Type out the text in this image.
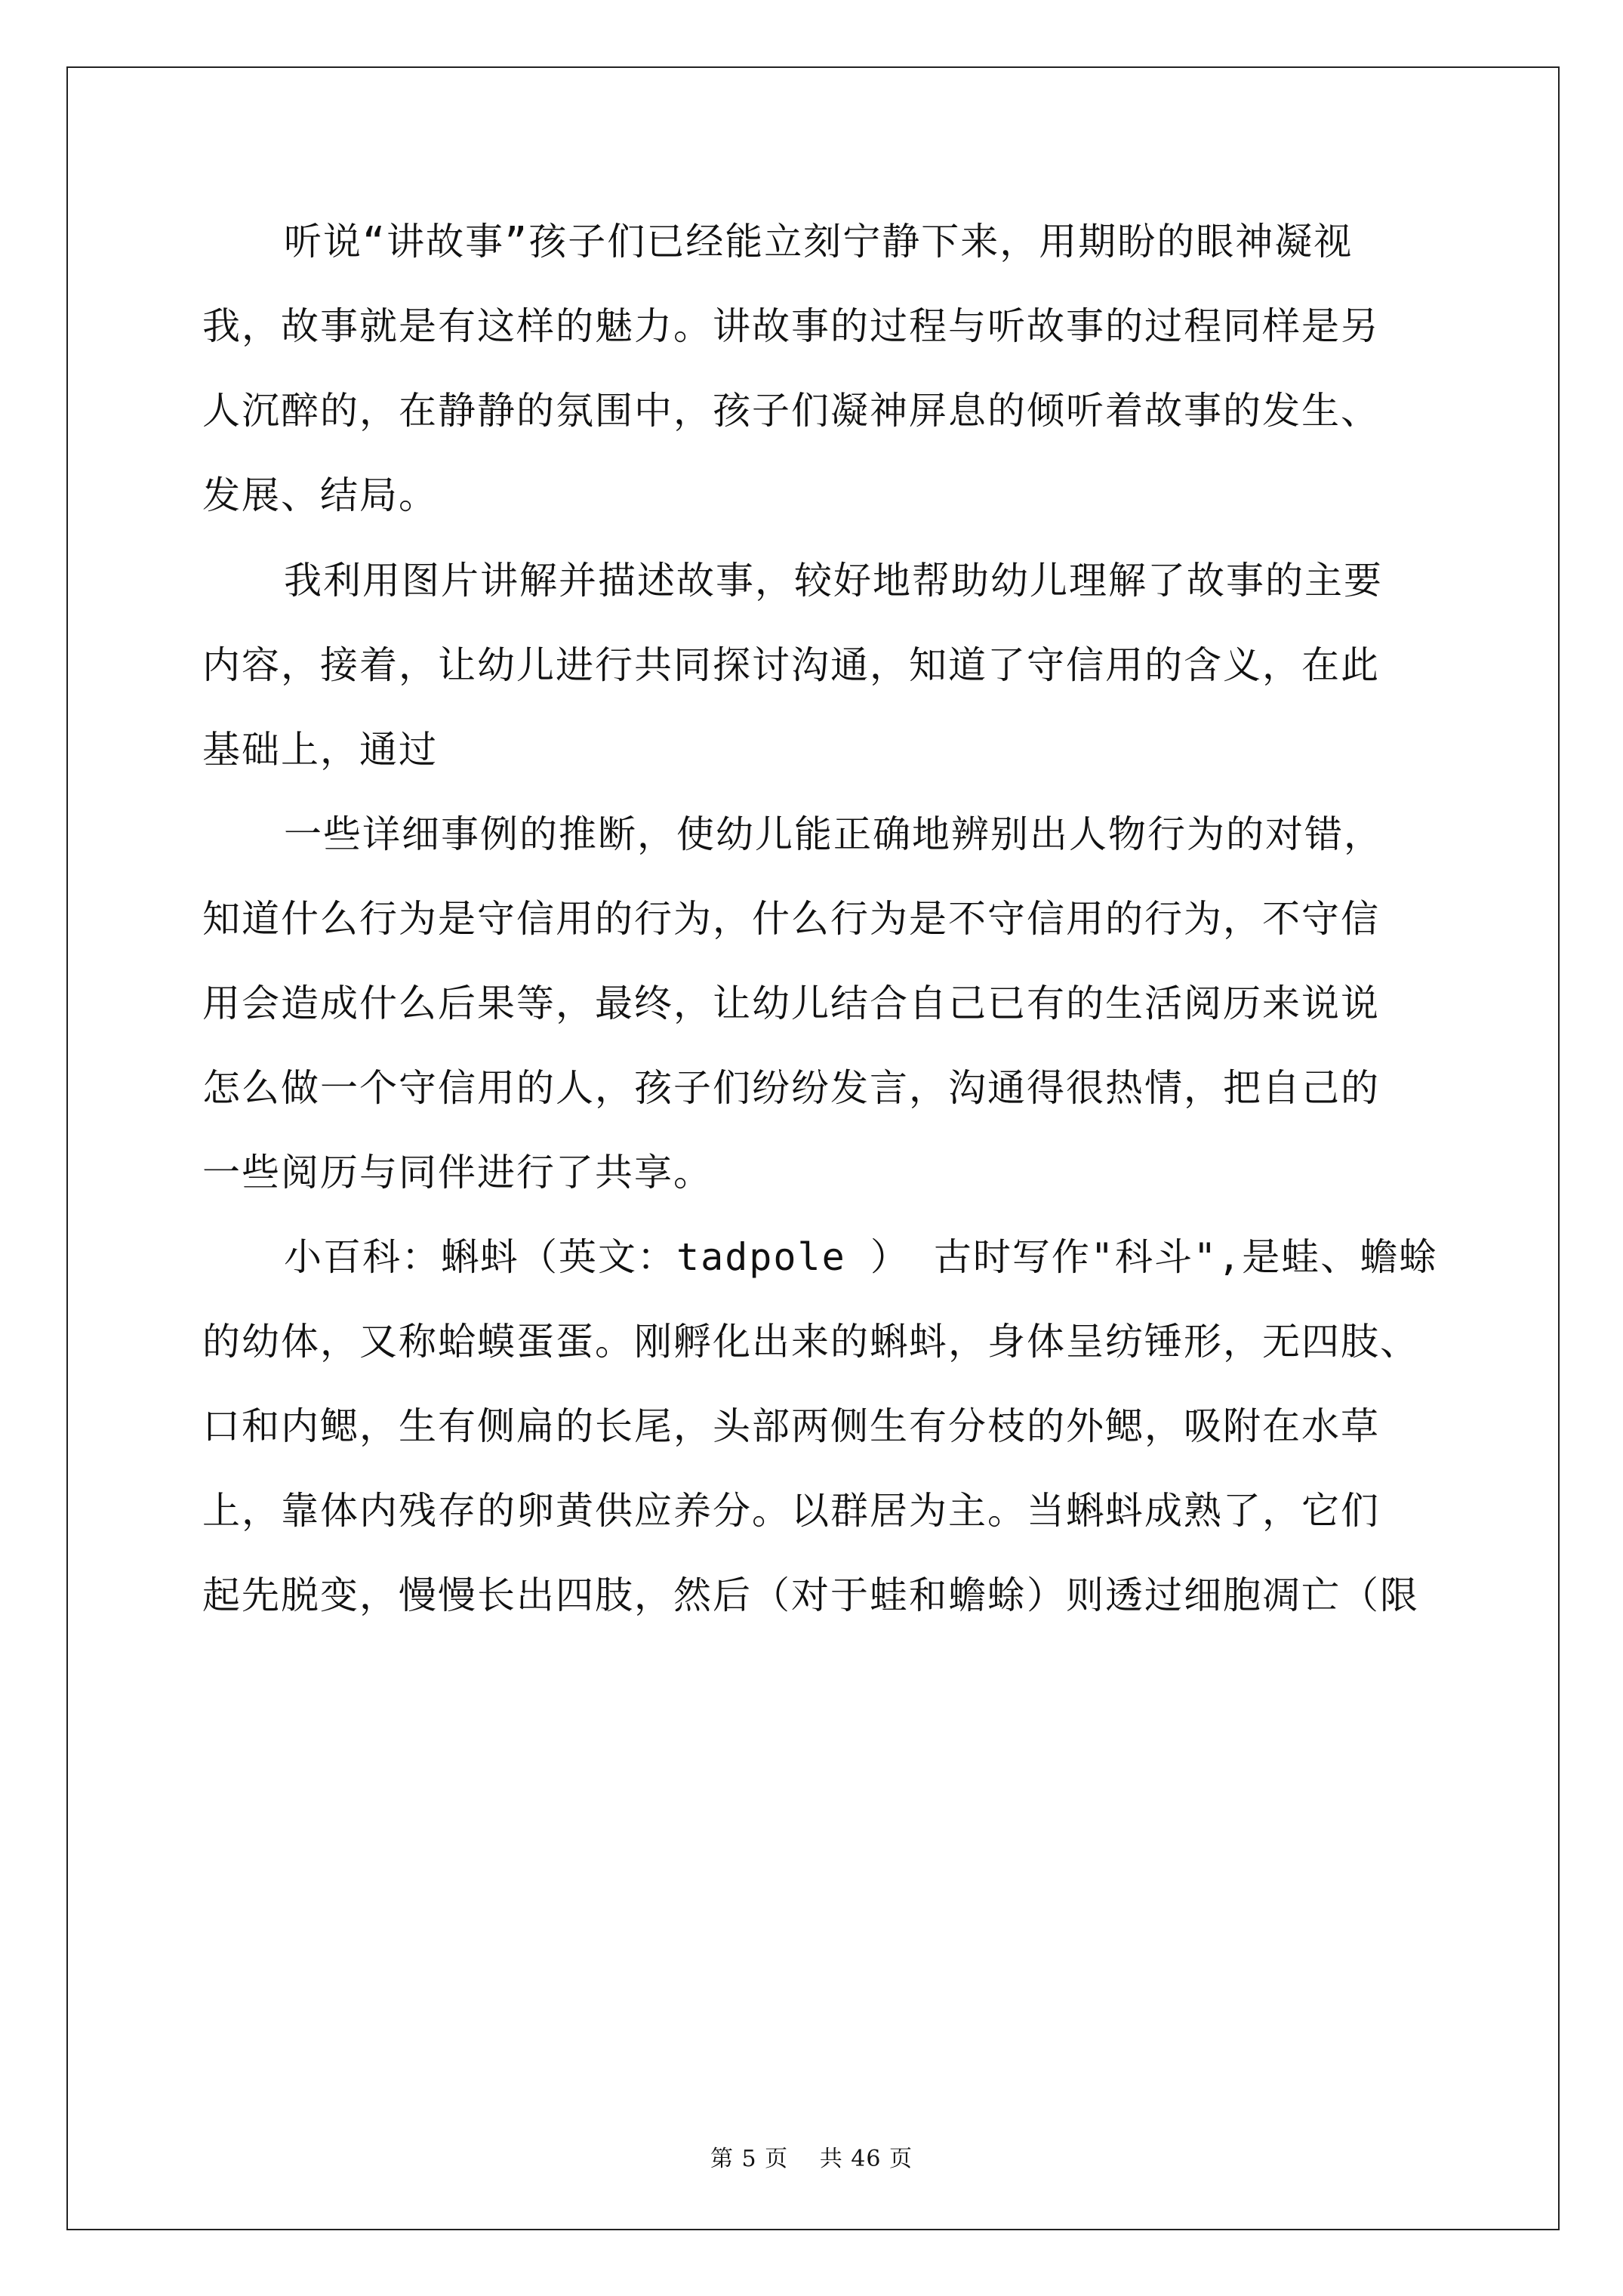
听说“讲故事”孩子们已经能立刻宁静下来，用期盼的眼神凝视
我，故事就是有这样的魅力。讲故事的过程与听故事的过程同样是另
人沉醉的，在静静的氛围中，孩子们凝神屏息的倾听着故事的发生、
发展、结局。
我利用图片讲解并描述故事，较好地帮助幼儿理解了故事的主要
内容，接着，让幼儿进行共同探讨沟通，知道了守信用的含义，在此
基础上，通过
一些详细事例的推断，使幼儿能正确地辨别出人物行为的对错，
知道什么行为是守信用的行为，什么行为是不守信用的行为，不守信
用会造成什么后果等，最终，让幼儿结合自己已有的生活阅历来说说
怎么做一个守信用的人，孩子们纷纷发言，沟通得很热情，把自己的
一些阅历与同伴进行了共享。
小百科：蝌蚪（英文：tadpole ） 古时写作"科斗",是蛙、蟾蜍
的幼体，又称蛤蟆蛋蛋。刚孵化出来的蝌蚪，身体呈纺锤形，无四肢、
口和内鳃，生有侧扁的长尾，头部两侧生有分枝的外鳃，吸附在水草
上，靠体内残存的卵黄供应养分。以群居为主。当蝌蚪成熟了，它们
起先脱变，慢慢长出四肢，然后（对于蛙和蟾蜍）则透过细胞凋亡（限
第 5 页　 共 46 页
